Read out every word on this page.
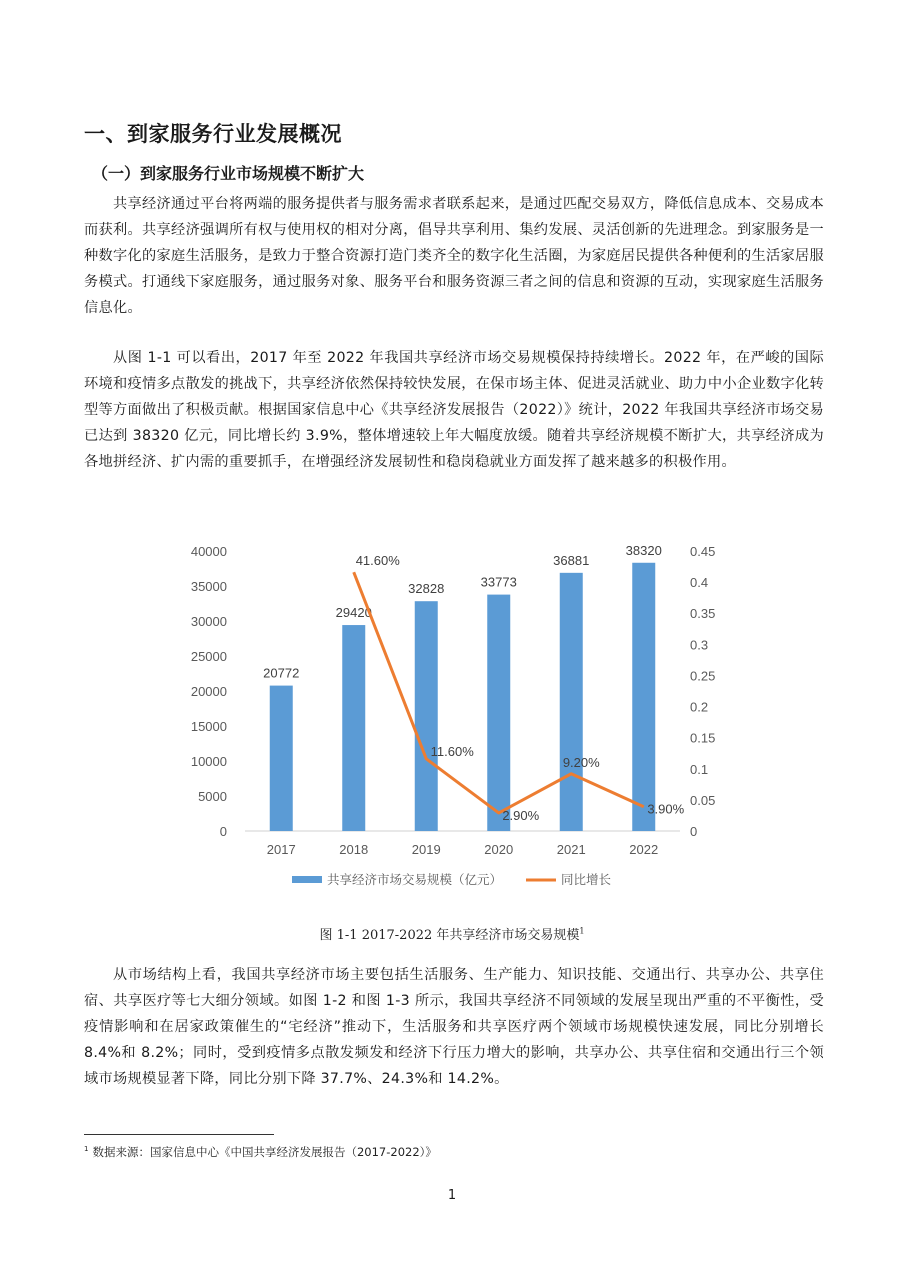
一、到家服务行业发展概况
（一）到家服务行业市场规模不断扩大

共享经济通过平台将两端的服务提供者与服务需求者联系起来，是通过匹配交易双方，降低信息成本、交易成本而获利。共享经济强调所有权与使用权的相对分离，倡导共享利用、集约发展、灵活创新的先进理念。到家服务是一种数字化的家庭生活服务，是致力于整合资源打造门类齐全的数字化生活圈，为家庭居民提供各种便利的生活家居服务模式。打通线下家庭服务，通过服务对象、服务平台和服务资源三者之间的信息和资源的互动，实现家庭生活服务信息化。

从图 1-1 可以看出，2017 年至 2022 年我国共享经济市场交易规模保持持续增长。2022 年，在严峻的国际环境和疫情多点散发的挑战下，共享经济依然保持较快发展，在保市场主体、促进灵活就业、助力中小企业数字化转型等方面做出了积极贡献。根据国家信息中心《共享经济发展报告（2022）》统计，2022 年我国共享经济市场交易已达到 38320 亿元，同比增长约 3.9%，整体增速较上年大幅度放缓。随着共享经济规模不断扩大，共享经济成为各地拼经济、扩内需的重要抓手，在增强经济发展韧性和稳岗稳就业方面发挥了越来越多的积极作用。

0
5000
10000
15000
20000
25000
30000
35000
40000
0
0.05
0.1
0.15
0.2
0.25
0.3
0.35
0.4
0.45
20772
29420
32828	33773
36881
38320
2017	2018	2019	2020	2021	2022
41.60%
11.60%
2.90%
9.20%
3.90%
共享经济市场交易规模（亿元）	同比增长
图 1-1 2017-2022 年共享经济市场交易规模$^1$

从市场结构上看，我国共享经济市场主要包括生活服务、生产能力、知识技能、交通出行、共享办公、共享住宿、共享医疗等七大细分领域。如图 1-2 和图 1-3 所示，我国共享经济不同领域的发展呈现出严重的不平衡性，受疫情影响和在居家政策催生的“宅经济”推动下，生活服务和共享医疗两个领域市场规模快速发展，同比分别增长 8.4%和 8.2%；同时，受到疫情多点散发频发和经济下行压力增大的影响，共享办公、共享住宿和交通出行三个领域市场规模显著下降，同比分别下降 37.7%、24.3%和 14.2%。

$^1$ 数据来源：国家信息中心《中国共享经济发展报告（2017-2022）》
1
